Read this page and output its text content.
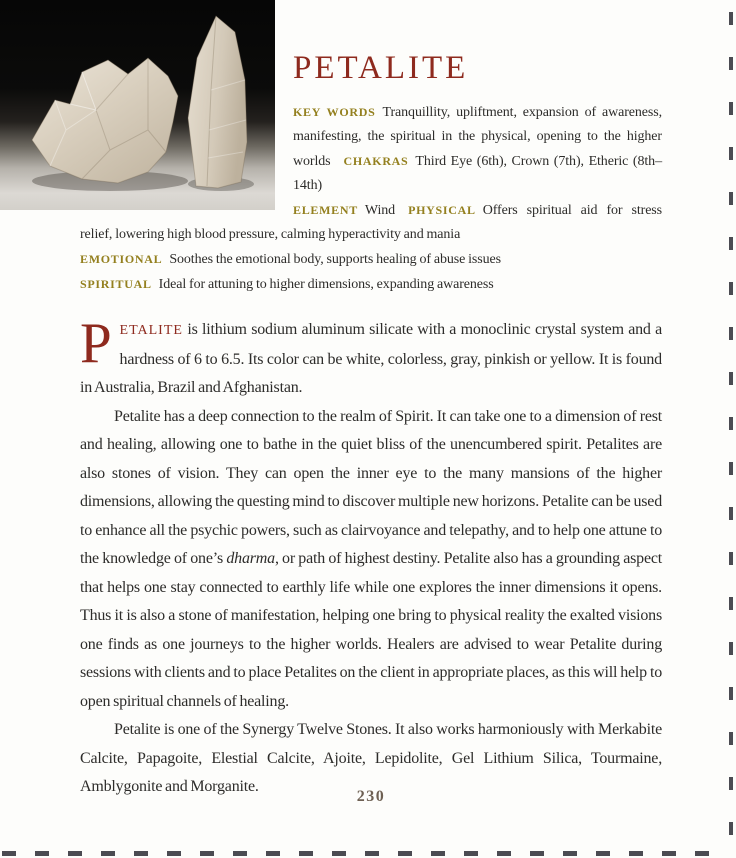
PETALITE
KEY WORDS Tranquillity, upliftment, expansion of awareness, manifesting, the spiritual in the physical, opening to the higher worlds CHAKRAS Third Eye (6th), Crown (7th), Etheric (8th–14th)
ELEMENT Wind PHYSICAL Offers spiritual aid for stress relief, lowering high blood pressure, calming hyperactivity and mania
EMOTIONAL Soothes the emotional body, supports healing of abuse issues
SPIRITUAL Ideal for attuning to higher dimensions, expanding awareness

PETALITE is lithium sodium aluminum silicate with a monoclinic crystal system and a hardness of 6 to 6.5. Its color can be white, colorless, gray, pinkish or yellow. It is found in Australia, Brazil and Afghanistan.

Petalite has a deep connection to the realm of Spirit. It can take one to a dimension of rest and healing, allowing one to bathe in the quiet bliss of the unencumbered spirit. Petalites are also stones of vision. They can open the inner eye to the many mansions of the higher dimensions, allowing the questing mind to discover multiple new horizons. Petalite can be used to enhance all the psychic powers, such as clairvoyance and telepathy, and to help one attune to the knowledge of one’s dharma, or path of highest destiny. Petalite also has a grounding aspect that helps one stay connected to earthly life while one explores the inner dimensions it opens. Thus it is also a stone of manifestation, helping one bring to physical reality the exalted visions one finds as one journeys to the higher worlds. Healers are advised to wear Petalite during sessions with clients and to place Petalites on the client in appropriate places, as this will help to open spiritual channels of healing.

Petalite is one of the Synergy Twelve Stones. It also works harmoniously with Merkabite Calcite, Papagoite, Elestial Calcite, Ajoite, Lepidolite, Gel Lithium Silica, Tourmaine, Amblygonite and Morganite.

230
